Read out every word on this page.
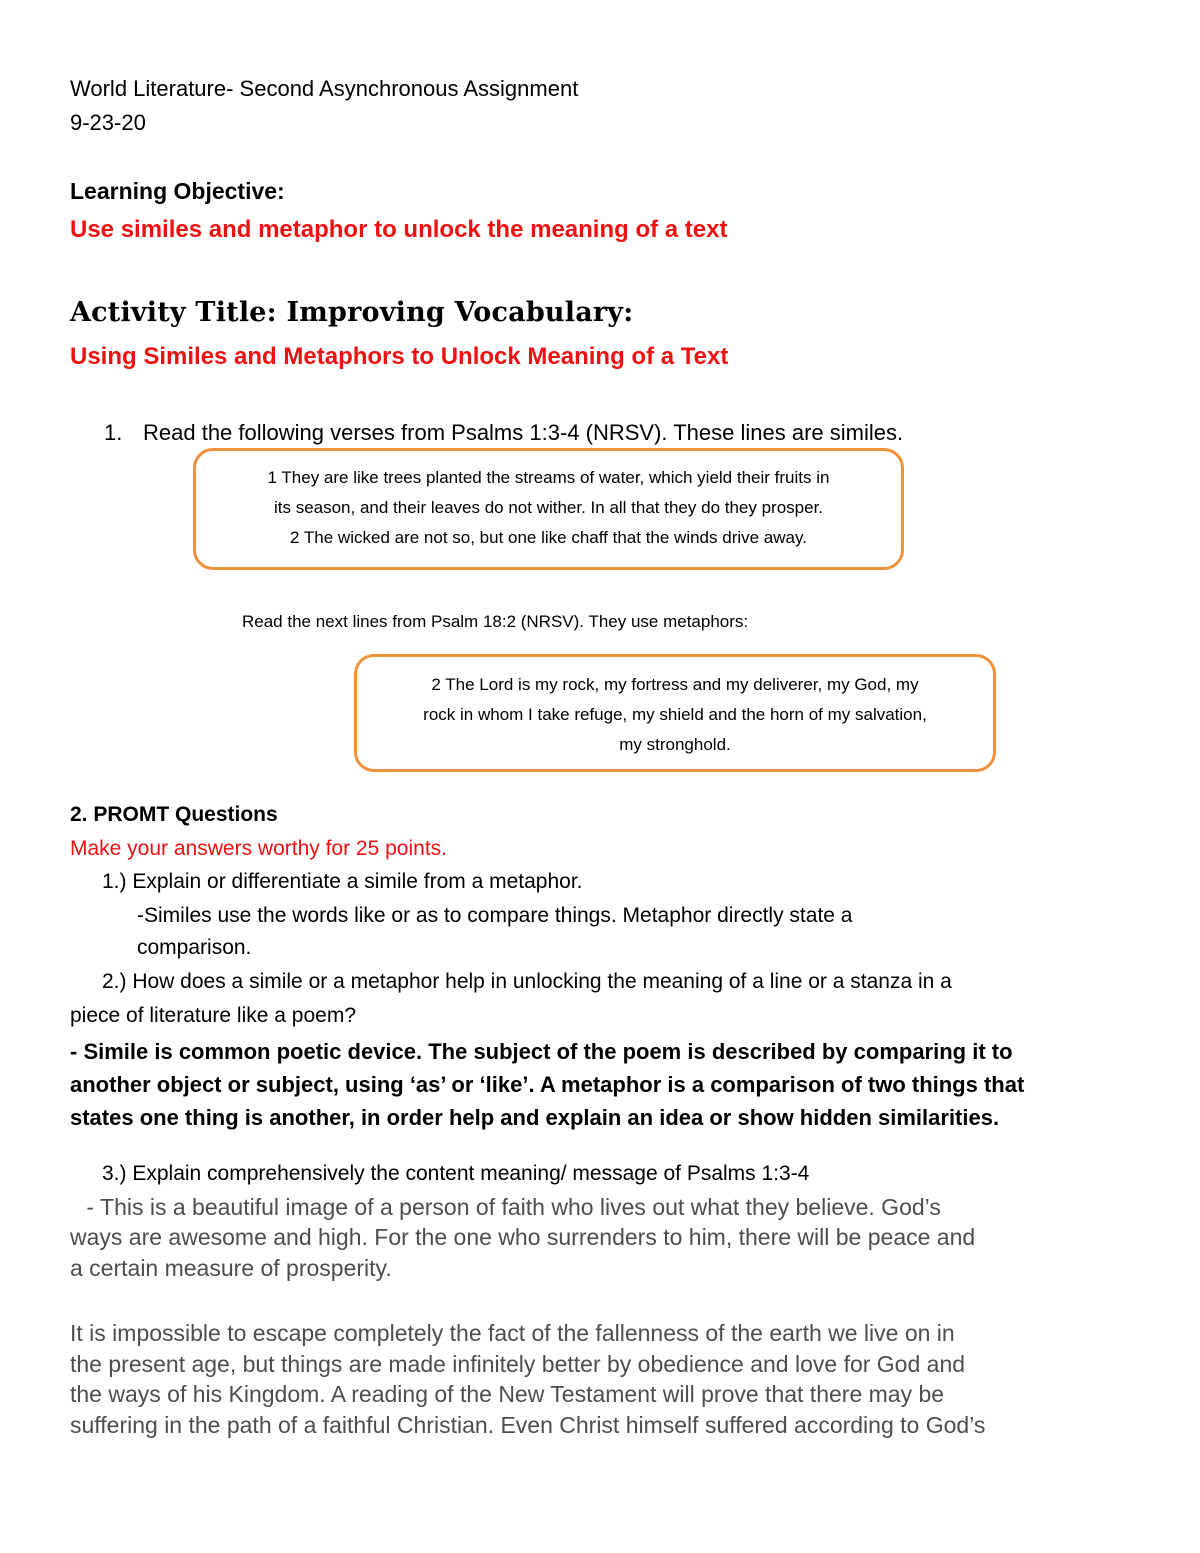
World Literature- Second Asynchronous Assignment
9-23-20
Learning Objective:
Use similes and metaphor to unlock the meaning of a text
Activity Title: Improving Vocabulary:
Using Similes and Metaphors to Unlock Meaning of a Text
1. Read the following verses from Psalms 1:3-4 (NRSV). These lines are similes.
1 They are like trees planted the streams of water, which yield their fruits in
its season, and their leaves do not wither. In all that they do they prosper.
2 The wicked are not so, but one like chaff that the winds drive away.
Read the next lines from Psalm 18:2 (NRSV). They use metaphors:
2 The Lord is my rock, my fortress and my deliverer, my God, my
rock in whom I take refuge, my shield and the horn of my salvation,
my stronghold.
2. PROMT Questions
Make your answers worthy for 25 points.
1.) Explain or differentiate a simile from a metaphor.
-Similes use the words like or as to compare things. Metaphor directly state a
comparison.
2.) How does a simile or a metaphor help in unlocking the meaning of a line or a stanza in a
piece of literature like a poem?
- Simile is common poetic device. The subject of the poem is described by comparing it to
another object or subject, using ‘as’ or ‘like’. A metaphor is a comparison of two things that
states one thing is another, in order help and explain an idea or show hidden similarities.
3.) Explain comprehensively the content meaning/ message of Psalms 1:3-4
- This is a beautiful image of a person of faith who lives out what they believe. God’s
ways are awesome and high. For the one who surrenders to him, there will be peace and
a certain measure of prosperity.
It is impossible to escape completely the fact of the fallenness of the earth we live on in
the present age, but things are made infinitely better by obedience and love for God and
the ways of his Kingdom. A reading of the New Testament will prove that there may be
suffering in the path of a faithful Christian. Even Christ himself suffered according to God’s
